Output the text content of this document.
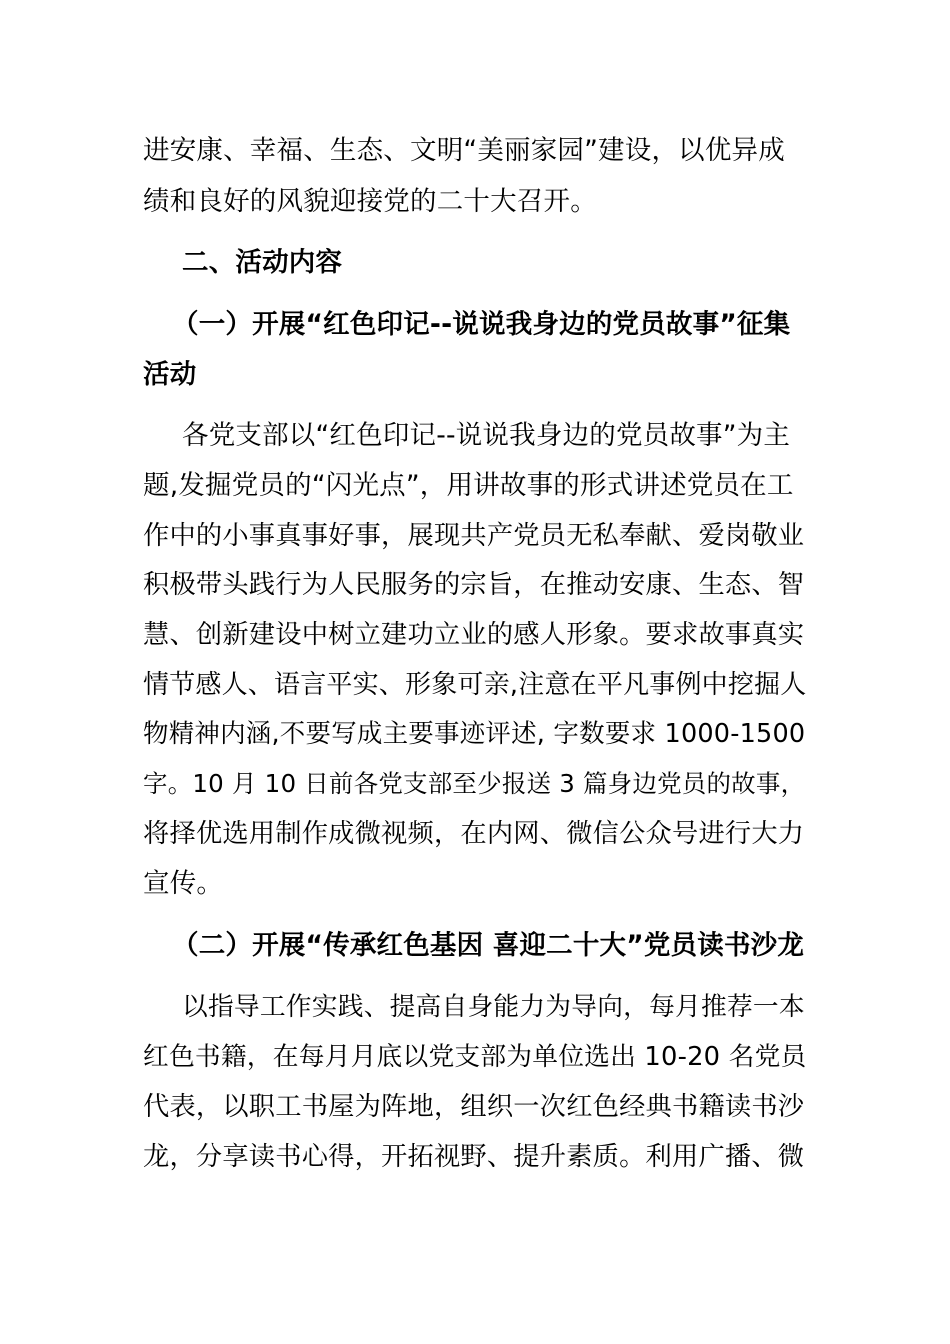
进安康、幸福、生态、文明“美丽家园”建设，以优异成
绩和良好的风貌迎接党的二十大召开。
二、活动内容
（一）开展“红色印记--说说我身边的党员故事”征集
活动
各党支部以“红色印记--说说我身边的党员故事”为主
题,发掘党员的“闪光点”，用讲故事的形式讲述党员在工
作中的小事真事好事，展现共产党员无私奉献、爱岗敬业
积极带头践行为人民服务的宗旨，在推动安康、生态、智
慧、创新建设中树立建功立业的感人形象。要求故事真实
情节感人、语言平实、形象可亲,注意在平凡事例中挖掘人
物精神内涵,不要写成主要事迹评述, 字数要求 1000-1500
字。10 月 10 日前各党支部至少报送 3 篇身边党员的故事，
将择优选用制作成微视频，在内网、微信公众号进行大力
宣传。
（二）开展“传承红色基因 喜迎二十大”党员读书沙龙
以指导工作实践、提高自身能力为导向，每月推荐一本
红色书籍，在每月月底以党支部为单位选出 10-20 名党员
代表，以职工书屋为阵地，组织一次红色经典书籍读书沙
龙，分享读书心得，开拓视野、提升素质。利用广播、微
